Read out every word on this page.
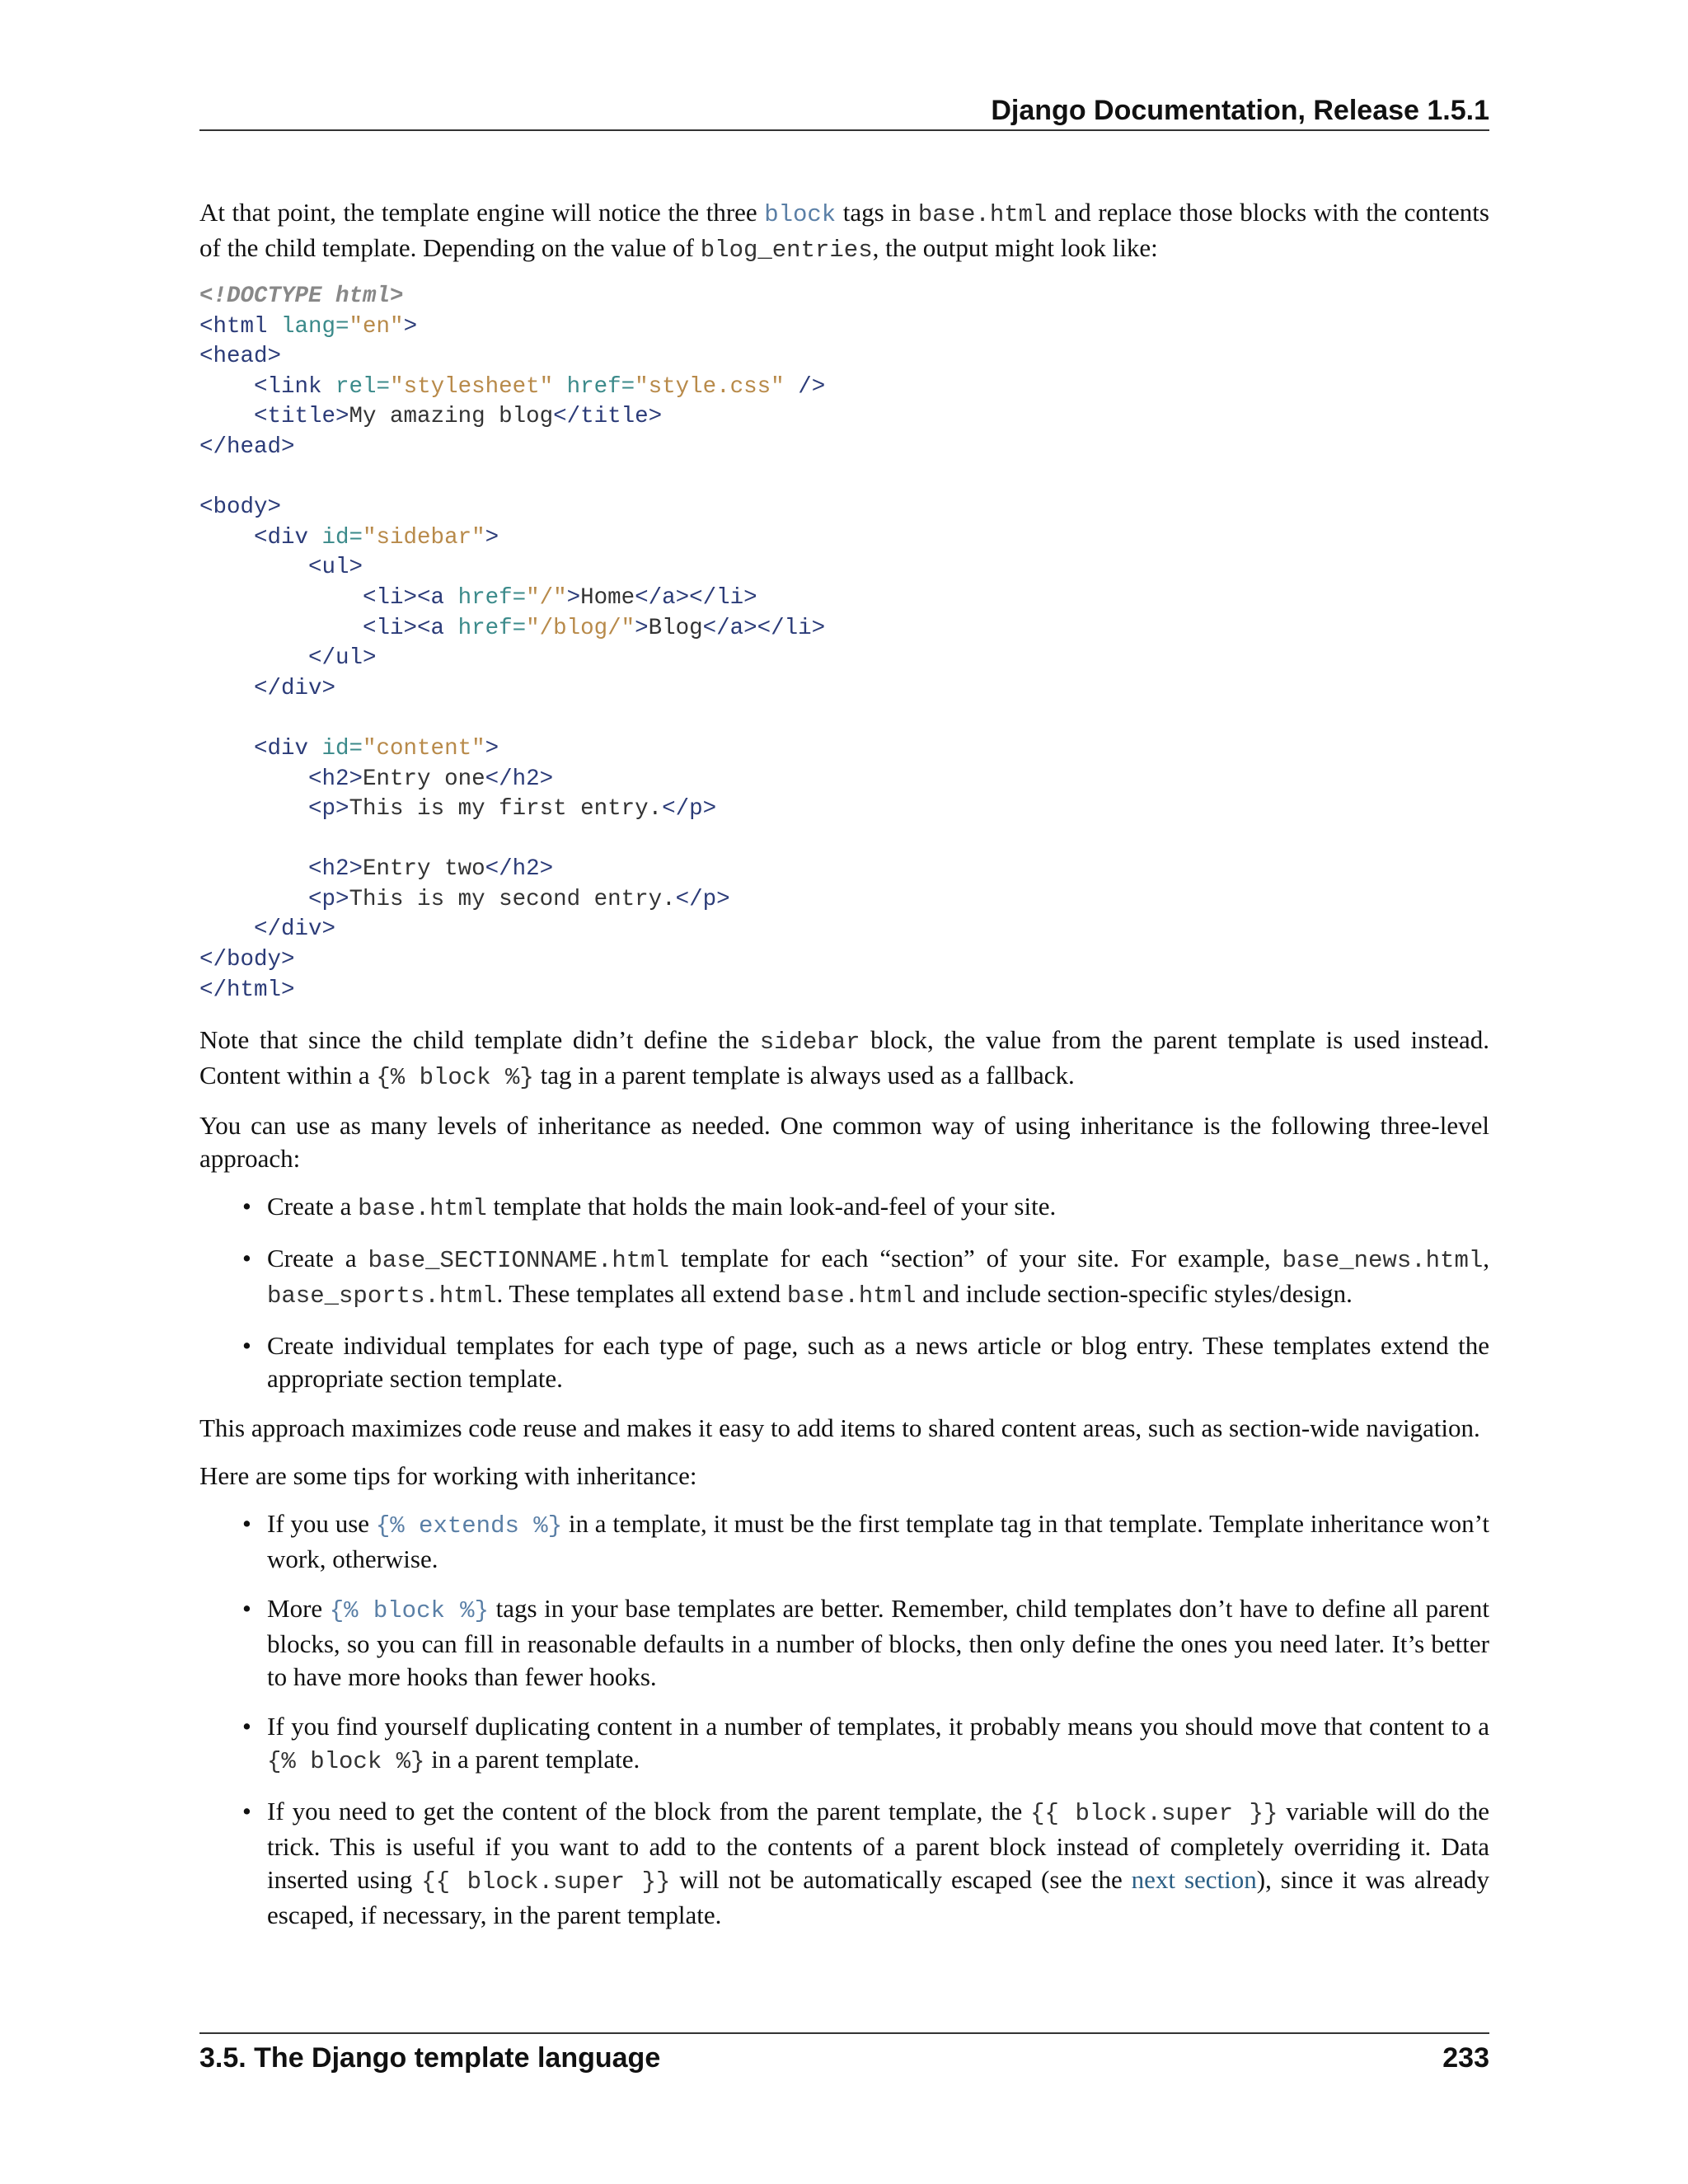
Django Documentation, Release 1.5.1

At that point, the template engine will notice the three block tags in base.html and replace those blocks with the contents of the child template. Depending on the value of blog_entries, the output might look like:

<!DOCTYPE html>
<html lang="en">
<head>
<link rel="stylesheet" href="style.css" />
<title>My amazing blog</title>
</head>

<body>
<div id="sidebar">
<ul>
<li><a href="/">Home</a></li>
<li><a href="/blog/">Blog</a></li>
</ul>
</div>

<div id="content">
<h2>Entry one</h2>
<p>This is my first entry.</p>

<h2>Entry two</h2>
<p>This is my second entry.</p>
</div>
</body>
</html>

Note that since the child template didn’t define the sidebar block, the value from the parent template is used instead. Content within a {% block %} tag in a parent template is always used as a fallback.

You can use as many levels of inheritance as needed. One common way of using inheritance is the following three-level approach:

• Create a base.html template that holds the main look-and-feel of your site.
• Create a base_SECTIONNAME.html template for each “section” of your site. For example, base_news.html, base_sports.html. These templates all extend base.html and include section-specific styles/design.
• Create individual templates for each type of page, such as a news article or blog entry. These templates extend the appropriate section template.

This approach maximizes code reuse and makes it easy to add items to shared content areas, such as section-wide navigation.

Here are some tips for working with inheritance:

• If you use {% extends %} in a template, it must be the first template tag in that template. Template inheritance won’t work, otherwise.
• More {% block %} tags in your base templates are better. Remember, child templates don’t have to define all parent blocks, so you can fill in reasonable defaults in a number of blocks, then only define the ones you need later. It’s better to have more hooks than fewer hooks.
• If you find yourself duplicating content in a number of templates, it probably means you should move that content to a {% block %} in a parent template.
• If you need to get the content of the block from the parent template, the {{ block.super }} variable will do the trick. This is useful if you want to add to the contents of a parent block instead of completely overriding it. Data inserted using {{ block.super }} will not be automatically escaped (see the next section), since it was already escaped, if necessary, in the parent template.
3.5. The Django template language	233
